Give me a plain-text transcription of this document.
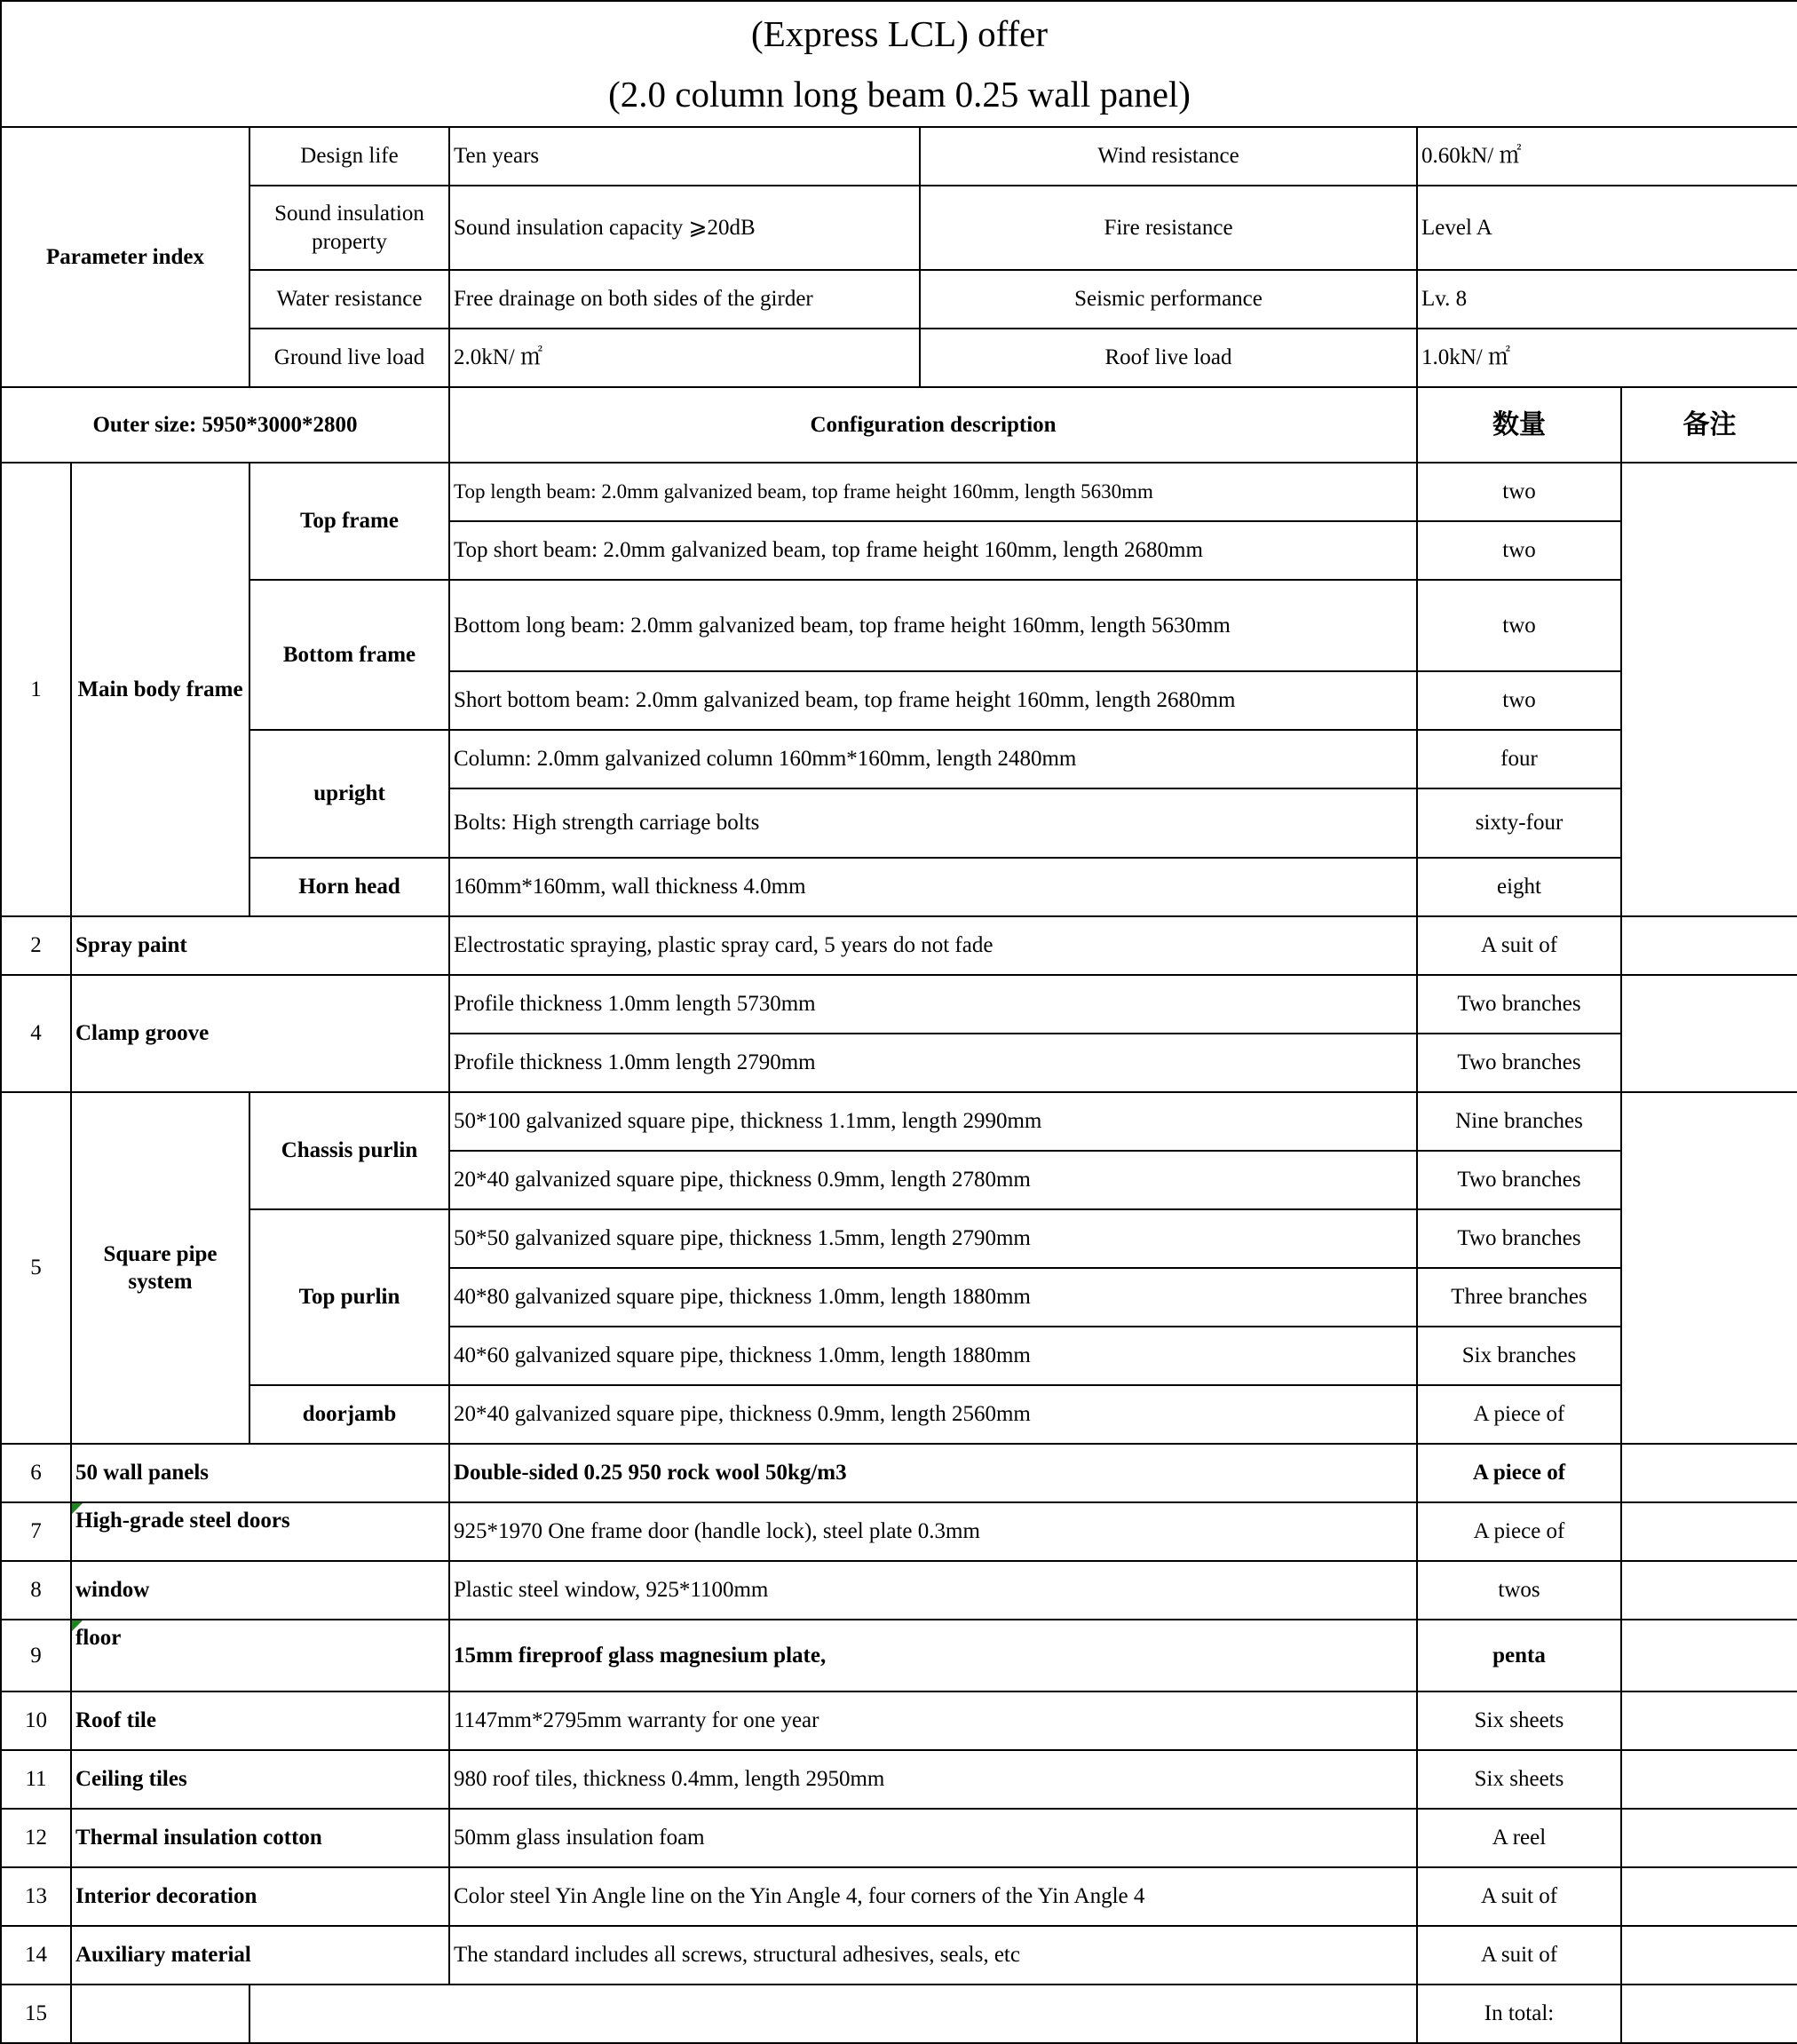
(Express LCL) offer
(2.0 column long beam 0.25 wall panel)						

Parameter index		Design life	Ten years	Wind resistance	0.60kN/ ㎡	
		Sound insulation property	Sound insulation capacity ⩾20dB	Fire resistance	Level A	
		Water resistance	Free drainage on both sides of the girder	Seismic performance	Lv. 8	
		Ground live load	2.0kN/ ㎡	Roof live load	1.0kN/ ㎡	
Outer size: 5950*3000*2800			Configuration description		数量	备注
1	Main body frame	Top frame	Top length beam: 2.0mm galvanized beam, top frame height 160mm, length 5630mm		two	
			Top short beam: 2.0mm galvanized beam, top frame height 160mm, length 2680mm		two	
		Bottom frame	Bottom long beam: 2.0mm galvanized beam, top frame height 160mm, length 5630mm		two	
			Short bottom beam: 2.0mm galvanized beam, top frame height 160mm, length 2680mm		two	
		upright	Column: 2.0mm galvanized column 160mm*160mm, length 2480mm		four	
			Bolts: High strength carriage bolts		sixty-four	
		Horn head	160mm*160mm, wall thickness 4.0mm		eight	
2	Spray paint		Electrostatic spraying, plastic spray card, 5 years do not fade		A suit of	
4	Clamp groove		Profile thickness 1.0mm length 5730mm		Two branches	
			Profile thickness 1.0mm length 2790mm		Two branches	
5	Square pipe system	Chassis purlin	50*100 galvanized square pipe, thickness 1.1mm, length 2990mm		Nine branches	
			20*40 galvanized square pipe, thickness 0.9mm, length 2780mm		Two branches	
		Top purlin	50*50 galvanized square pipe, thickness 1.5mm, length 2790mm		Two branches	
			40*80 galvanized square pipe, thickness 1.0mm, length 1880mm		Three branches	
			40*60 galvanized square pipe, thickness 1.0mm, length 1880mm		Six branches	
		doorjamb	20*40 galvanized square pipe, thickness 0.9mm, length 2560mm		A piece of	
6	50 wall panels		Double-sided 0.25 950 rock wool 50kg/m3		A piece of	
7	High-grade steel doors		925*1970 One frame door (handle lock), steel plate 0.3mm		A piece of	
8	window		Plastic steel window, 925*1100mm		twos	
9	floor		15mm fireproof glass magnesium plate,		penta	
10	Roof tile		1147mm*2795mm warranty for one year		Six sheets	
11	Ceiling tiles		980 roof tiles, thickness 0.4mm, length 2950mm		Six sheets	
12	Thermal insulation cotton		50mm glass insulation foam		A reel	
13	Interior decoration		Color steel Yin Angle line on the Yin Angle 4, four corners of the Yin Angle 4		A suit of	
14	Auxiliary material		The standard includes all screws, structural adhesives, seals, etc		A suit of	
15					In total:	
